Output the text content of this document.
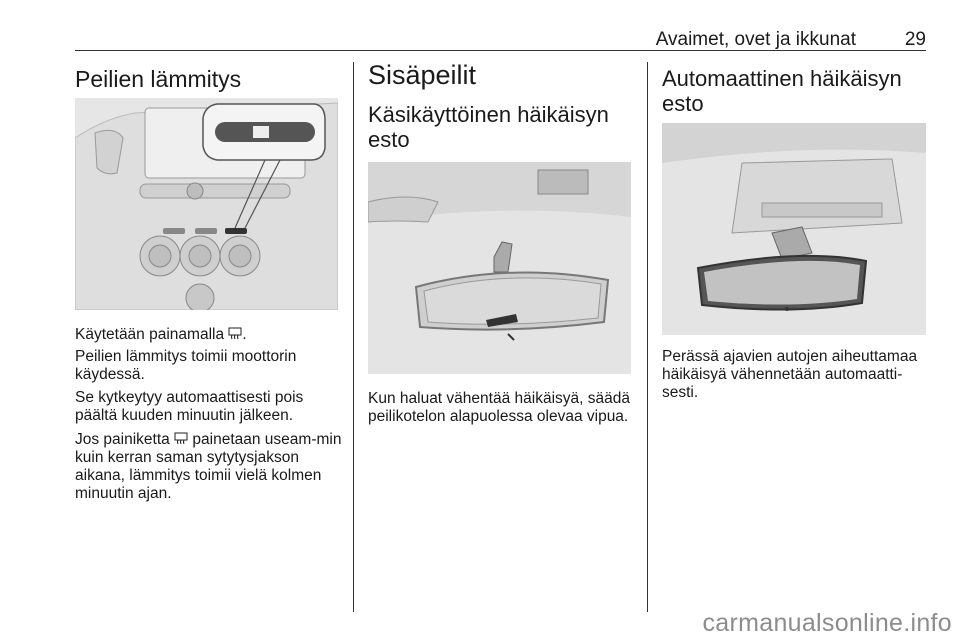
Avaimet, ovet ja ikkunat	29
Peilien lämmitys

Käytetään painamalla .

Peilien lämmitys toimii moottorin käydessä.

Se kytkeytyy automaattisesti pois päältä kuuden minuutin jälkeen.

Jos painiketta  painetaan useam-min kuin kerran saman sytytysjakson aikana, lämmitys toimii vielä kolmen minuutin ajan.

Sisäpeilit
Käsikäyttöinen häikäisyn esto

Kun haluat vähentää häikäisyä, säädä peilikotelon alapuolessa olevaa vipua.

Automaattinen häikäisyn esto

Perässä ajavien autojen aiheuttamaa häikäisyä vähennetään automaatti-sesti.

carmanualsonline.info
